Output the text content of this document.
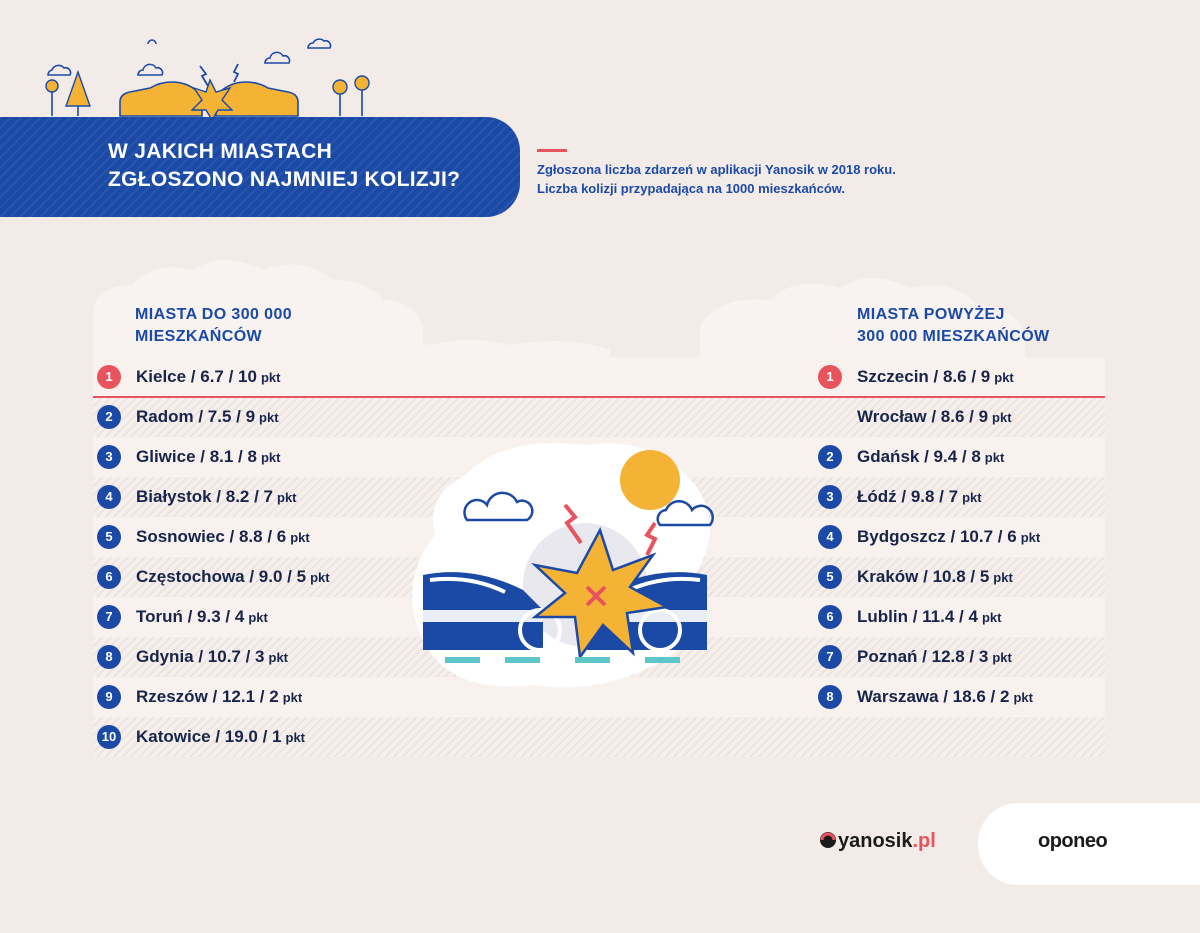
W JAKICH MIASTACH
ZGŁOSZONO NAJMNIEJ KOLIZJI?	Zgłoszona liczba zdarzeń w aplikacji Yanosik w 2018 roku.
Liczba kolizji przypadająca na 1000 mieszkańców.
MIASTA DO 300 000
MIESZKAŃCÓW
MIASTA POWYŻEJ
300 000 MIESZKAŃCÓW
yanosik.pl	oponeo
1	Kielce / 6.7 / 10 pkt
2	Radom / 7.5 / 9 pkt
3	Gliwice / 8.1 / 8 pkt
4	Białystok / 8.2 / 7 pkt
5	Sosnowiec / 8.8 / 6 pkt
6	Częstochowa / 9.0 / 5 pkt
7	Toruń / 9.3 / 4 pkt
8	Gdynia / 10.7 / 3 pkt
9	Rzeszów / 12.1 / 2 pkt
10 Katowice / 19.0 / 1 pkt
1	Szczecin / 8.6 / 9 pkt
Wrocław / 8.6 / 9 pkt
2	Gdańsk / 9.4 / 8 pkt
3	Łódź / 9.8 / 7 pkt
4	Bydgoszcz / 10.7 / 6 pkt
5	Kraków / 10.8 / 5 pkt
6	Lublin / 11.4 / 4 pkt
7	Poznań / 12.8 / 3 pkt
8	Warszawa / 18.6 / 2 pkt
